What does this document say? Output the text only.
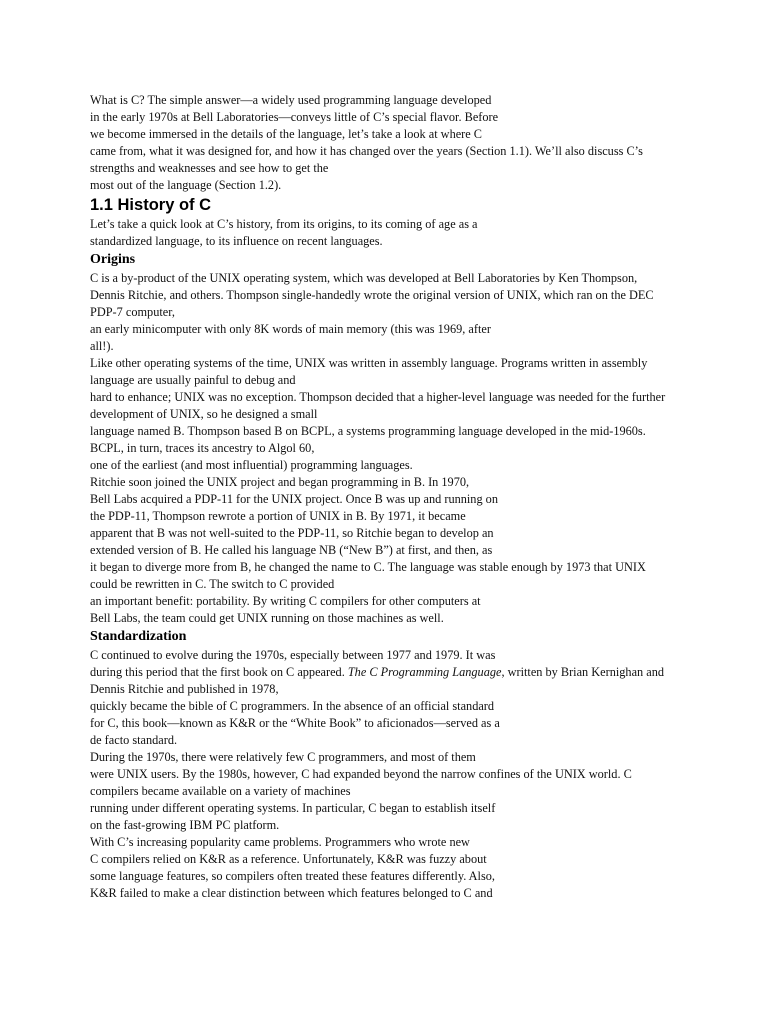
What is C? The simple answer—a widely used programming language developed
in the early 1970s at Bell Laboratories—conveys little of C’s special flavor. Before
we become immersed in the details of the language, let’s take a look at where C
came from, what it was designed for, and how it has changed over the years (Section 1.1). We’ll also discuss C’s
strengths and weaknesses and see how to get the
most out of the language (Section 1.2).
1.1 History of C
Let’s take a quick look at C’s history, from its origins, to its coming of age as a
standardized language, to its influence on recent languages.
Origins
C is a by-product of the UNIX operating system, which was developed at Bell Laboratories by Ken Thompson,
Dennis Ritchie, and others. Thompson single-handedly wrote the original version of UNIX, which ran on the DEC
PDP-7 computer,
an early minicomputer with only 8K words of main memory (this was 1969, after
all!).
Like other operating systems of the time, UNIX was written in assembly language. Programs written in assembly
language are usually painful to debug and
hard to enhance; UNIX was no exception. Thompson decided that a higher-level language was needed for the further
development of UNIX, so he designed a small
language named B. Thompson based B on BCPL, a systems programming language developed in the mid-1960s.
BCPL, in turn, traces its ancestry to Algol 60,
one of the earliest (and most influential) programming languages.
Ritchie soon joined the UNIX project and began programming in B. In 1970,
Bell Labs acquired a PDP-11 for the UNIX project. Once B was up and running on
the PDP-11, Thompson rewrote a portion of UNIX in B. By 1971, it became
apparent that B was not well-suited to the PDP-11, so Ritchie began to develop an
extended version of B. He called his language NB (“New B”) at first, and then, as
it began to diverge more from B, he changed the name to C. The language was stable enough by 1973 that UNIX
could be rewritten in C. The switch to C provided
an important benefit: portability. By writing C compilers for other computers at
Bell Labs, the team could get UNIX running on those machines as well.
Standardization
C continued to evolve during the 1970s, especially between 1977 and 1979. It was
during this period that the first book on C appeared. The C Programming Language, written by Brian Kernighan and
Dennis Ritchie and published in 1978,
quickly became the bible of C programmers. In the absence of an official standard
for C, this book—known as K&R or the “White Book” to aficionados—served as a
de facto standard.
During the 1970s, there were relatively few C programmers, and most of them
were UNIX users. By the 1980s, however, C had expanded beyond the narrow confines of the UNIX world. C
compilers became available on a variety of machines
running under different operating systems. In particular, C began to establish itself
on the fast-growing IBM PC platform.
With C’s increasing popularity came problems. Programmers who wrote new
C compilers relied on K&R as a reference. Unfortunately, K&R was fuzzy about
some language features, so compilers often treated these features differently. Also,
K&R failed to make a clear distinction between which features belonged to C and
